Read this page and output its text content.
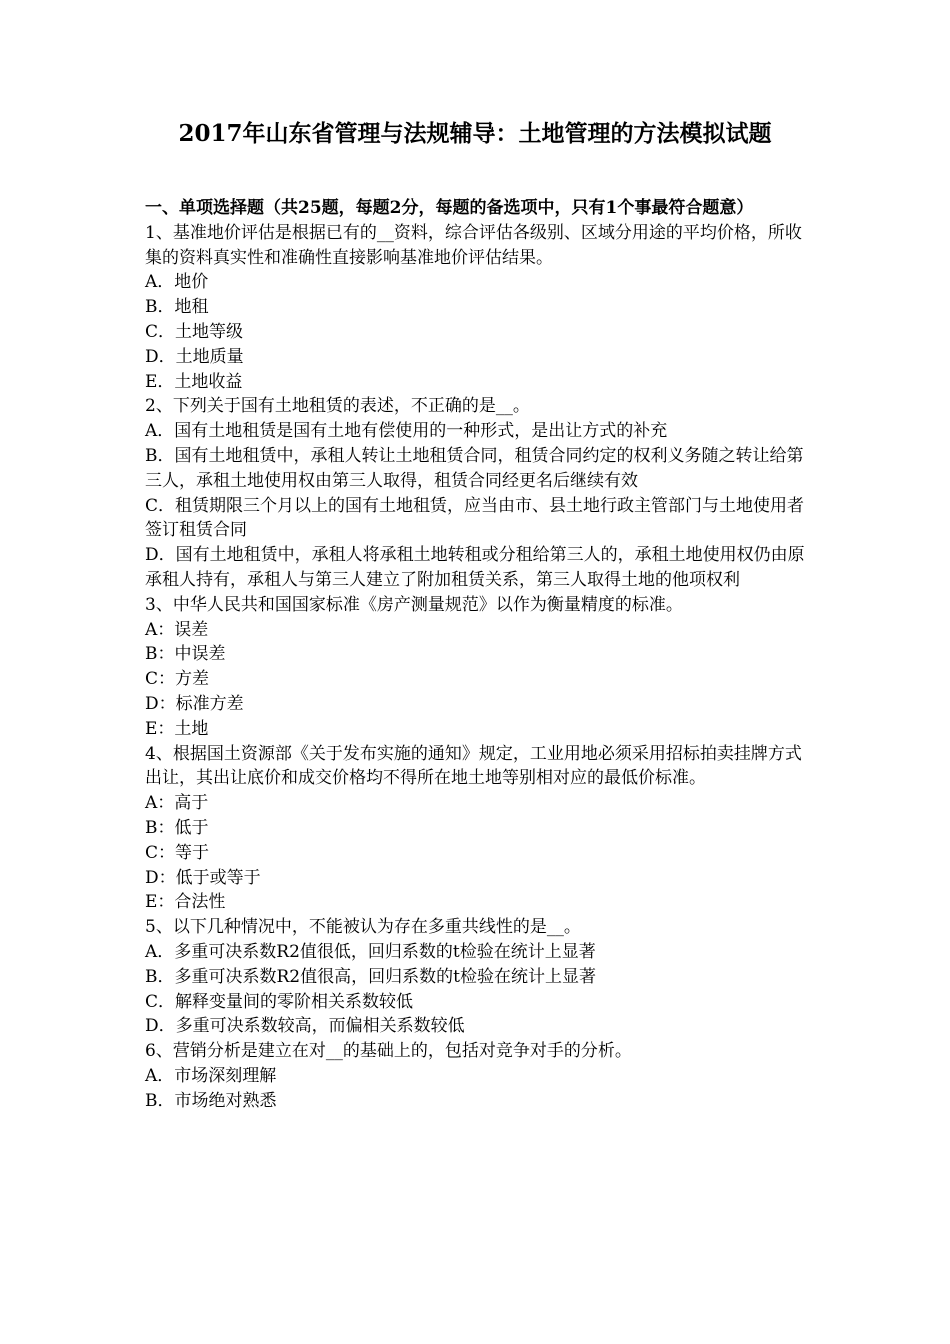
2017年山东省管理与法规辅导：土地管理的方法模拟试题

一、单项选择题（共25题，每题2分，每题的备选项中，只有1个事最符合题意）

1、基准地价评估是根据已有的__资料，综合评估各级别、区域分用途的平均价格，所收集的资料真实性和准确性直接影响基准地价评估结果。

A．地价

B．地租

C．土地等级

D．土地质量

E．土地收益

2、下列关于国有土地租赁的表述，不正确的是__。

A．国有土地租赁是国有土地有偿使用的一种形式，是出让方式的补充

B．国有土地租赁中，承租人转让土地租赁合同，租赁合同约定的权利义务随之转让给第三人，承租土地使用权由第三人取得，租赁合同经更名后继续有效

C．租赁期限三个月以上的国有土地租赁，应当由市、县土地行政主管部门与土地使用者签订租赁合同

D．国有土地租赁中，承租人将承租土地转租或分租给第三人的，承租土地使用权仍由原承租人持有，承租人与第三人建立了附加租赁关系，第三人取得土地的他项权利

3、中华人民共和国国家标准《房产测量规范》以作为衡量精度的标准。

A：误差

B：中误差

C：方差

D：标准方差

E：土地

4、根据国土资源部《关于发布实施的通知》规定，工业用地必须采用招标拍卖挂牌方式出让，其出让底价和成交价格均不得所在地土地等别相对应的最低价标准。

A：高于

B：低于

C：等于

D：低于或等于

E：合法性

5、以下几种情况中，不能被认为存在多重共线性的是__。

A．多重可决系数R2值很低，回归系数的t检验在统计上显著

B．多重可决系数R2值很高，回归系数的t检验在统计上显著

C．解释变量间的零阶相关系数较低

D．多重可决系数较高，而偏相关系数较低

6、营销分析是建立在对__的基础上的，包括对竞争对手的分析。

A．市场深刻理解

B．市场绝对熟悉
